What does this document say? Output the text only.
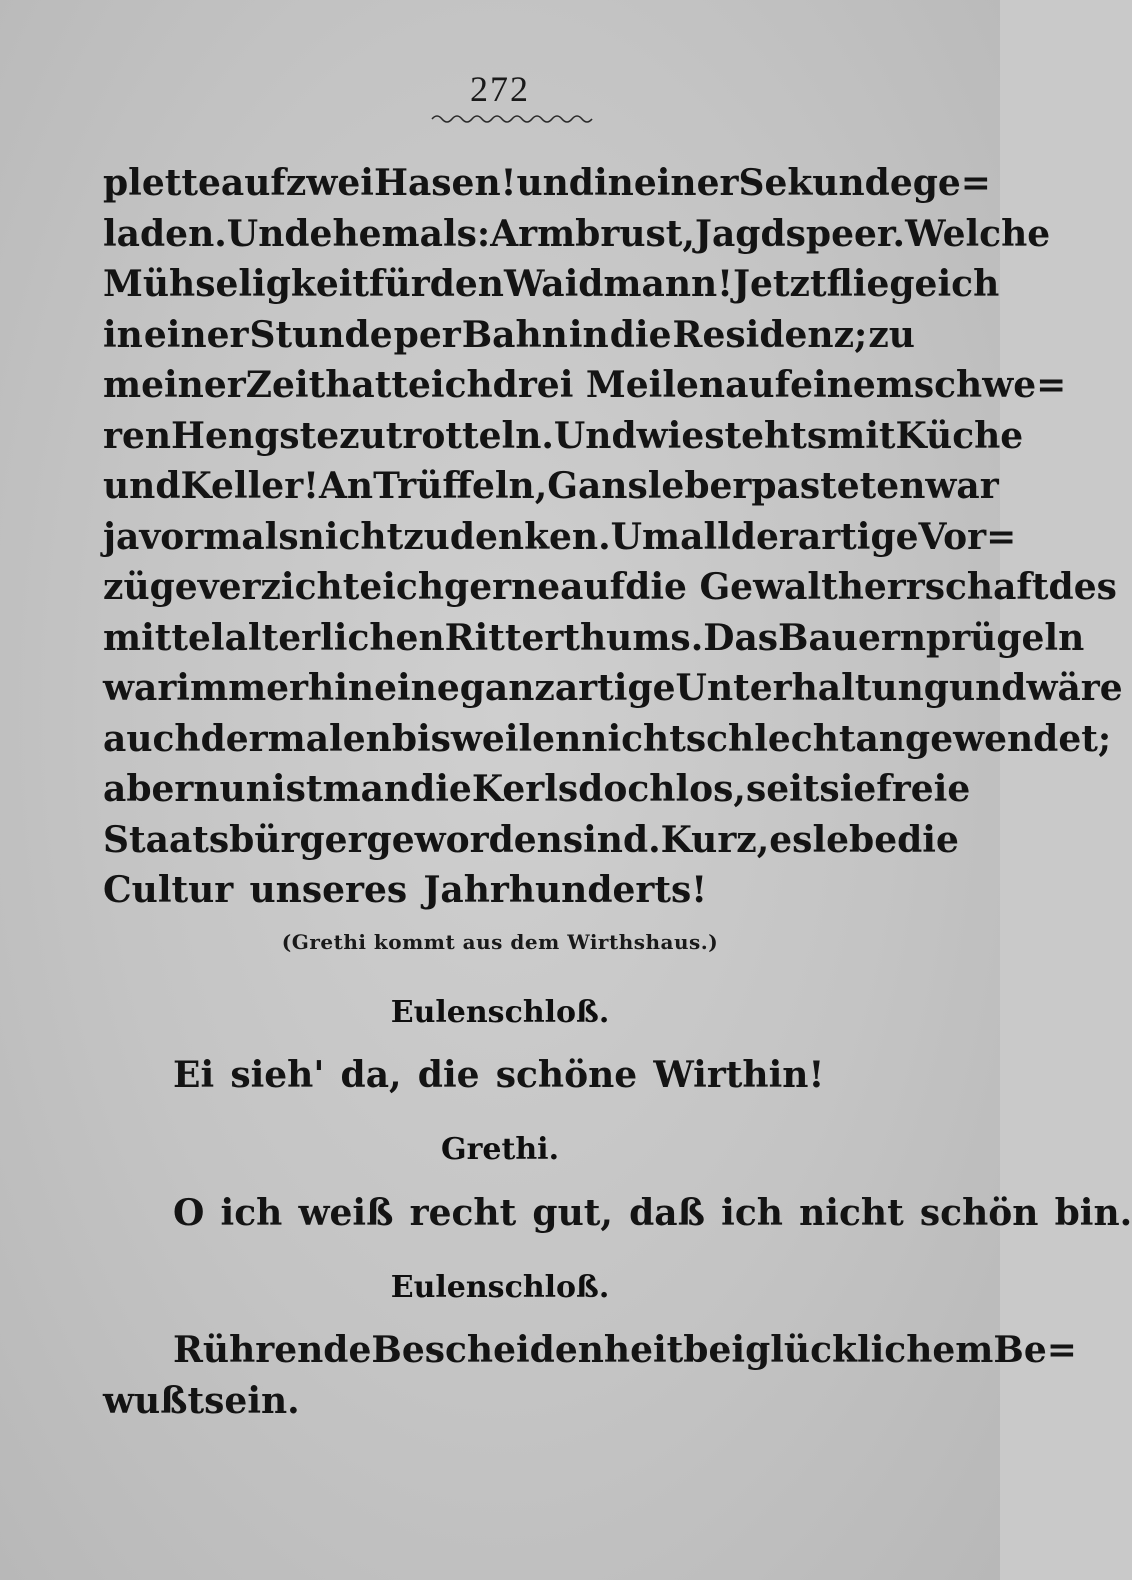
272
plette auf zwei Hasen! und in einer Sekunde ge=
laden. Und ehemals: Armbrust, Jagdspeer. Welche
Mühseligkeit für den Waidmann! Jetzt fliege ich
in einer Stunde per Bahn in die Residenz; zu
meiner Zeit hatte ich drei Meilen auf einem schwe=
ren Hengste zu trotteln. Und wie stehts mit Küche
und Keller! An Trüffeln, Gansleberpasteten war
ja vormals nicht zu denken. Um all derartige Vor=
züge verzichte ich gerne auf die Gewaltherrschaft des
mittelalterlichen Ritterthums. Das Bauernprügeln
war immerhin eine ganz artige Unterhaltung und wäre
auch dermalen bisweilen nicht schlecht angewendet;
aber nun ist man die Kerls doch los, seit sie freie
Staatsbürger geworden sind. Kurz, es lebe die
Cultur unseres Jahrhunderts!
(Grethi kommt aus dem Wirthshaus.)
Eulenschloß.
Ei sieh' da, die schöne Wirthin!
Grethi.
O ich weiß recht gut, daß ich nicht schön bin.
Eulenschloß.
Rührende Bescheidenheit bei glücklichem Be=
wußtsein.
